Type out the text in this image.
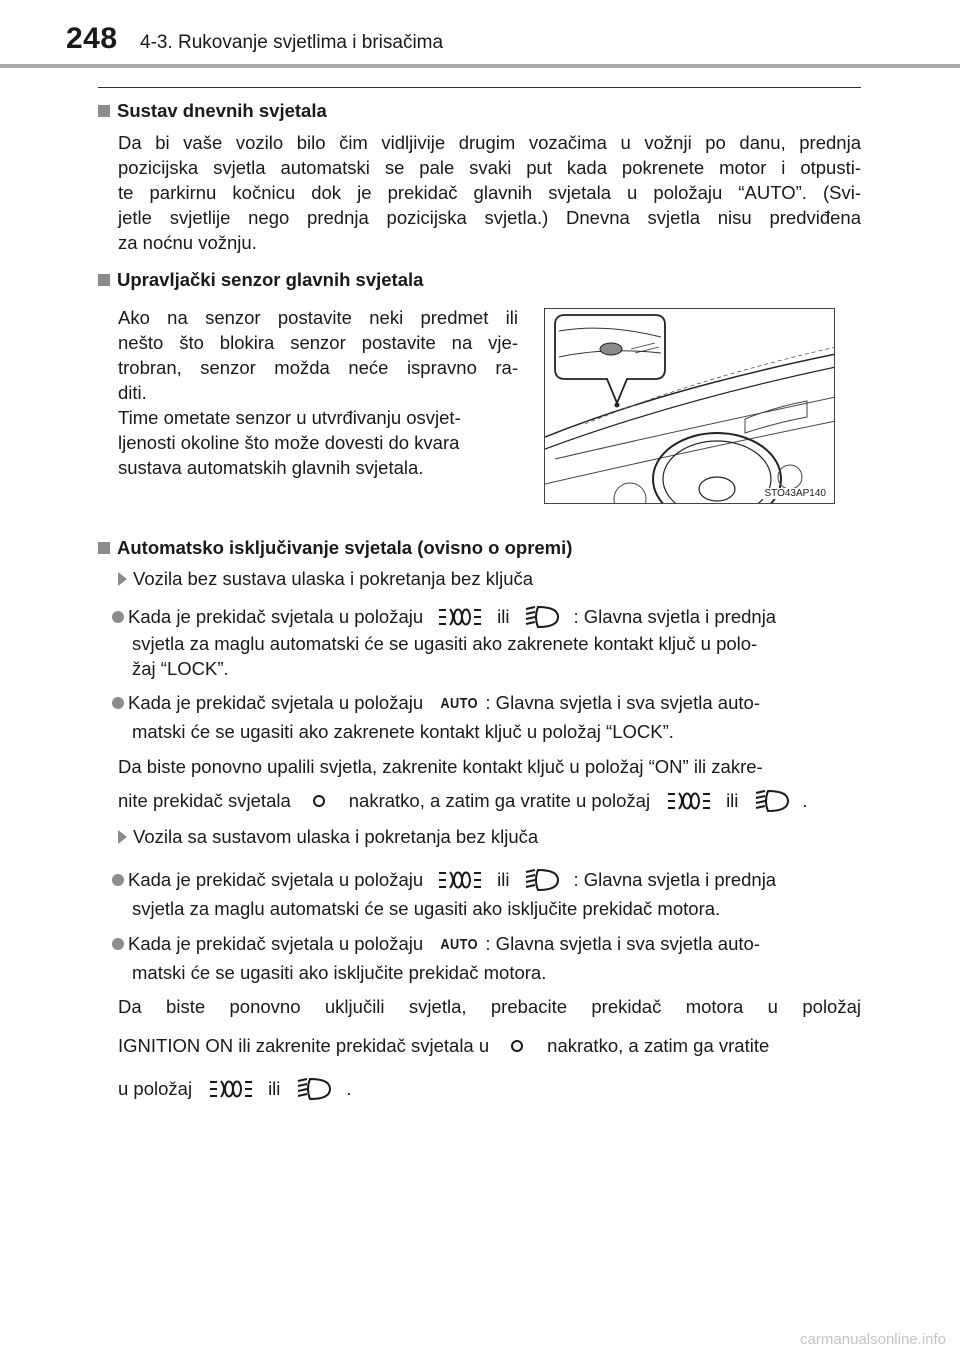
248 4-3. Rukovanje svjetlima i brisačima
Sustav dnevnih svjetala
Da bi vaše vozilo bilo čim vidljivije drugim vozačima u vožnji po danu, prednja
pozicijska svjetla automatski se pale svaki put kada pokrenete motor i otpusti-
te parkirnu kočnicu dok je prekidač glavnih svjetala u položaju “AUTO”. (Svi-
jetle svjetlije nego prednja pozicijska svjetla.) Dnevna svjetla nisu predviđena
za noćnu vožnju.
Upravljački senzor glavnih svjetala
Ako na senzor postavite neki predmet ili
nešto što blokira senzor postavite na vje-
trobran, senzor možda neće ispravno ra-
diti.
Time ometate senzor u utvrđivanju osvjet-
ljenosti okoline što može dovesti do kvara
sustava automatskih glavnih svjetala.
STO43AP140
Automatsko isključivanje svjetala (ovisno o opremi)
Vozila bez sustava ulaska i pokretanja bez ključa
Kada je prekidač svjetala u položaju	ili	: Glavna svjetla i prednja
svjetla za maglu automatski će se ugasiti ako zakrenete kontakt ključ u polo-
žaj “LOCK”.
Kada je prekidač svjetala u položaju AUTO : Glavna svjetla i sva svjetla auto-
matski će se ugasiti ako zakrenete kontakt ključ u položaj “LOCK”.
Da biste ponovno upalili svjetla, zakrenite kontakt ključ u položaj “ON” ili zakre-
nite prekidač svjetala	nakratko, a zatim ga vratite u položaj	ili	.
Vozila sa sustavom ulaska i pokretanja bez ključa
Kada je prekidač svjetala u položaju	ili	: Glavna svjetla i prednja
svjetla za maglu automatski će se ugasiti ako isključite prekidač motora.
Kada je prekidač svjetala u položaju AUTO : Glavna svjetla i sva svjetla auto-
matski će se ugasiti ako isključite prekidač motora.
Da biste ponovno uključili svjetla, prebacite prekidač motora u položaj
IGNITION ON ili zakrenite prekidač svjetala u	nakratko, a zatim ga vratite
u položaj	ili	.
carmanualsonline.info
